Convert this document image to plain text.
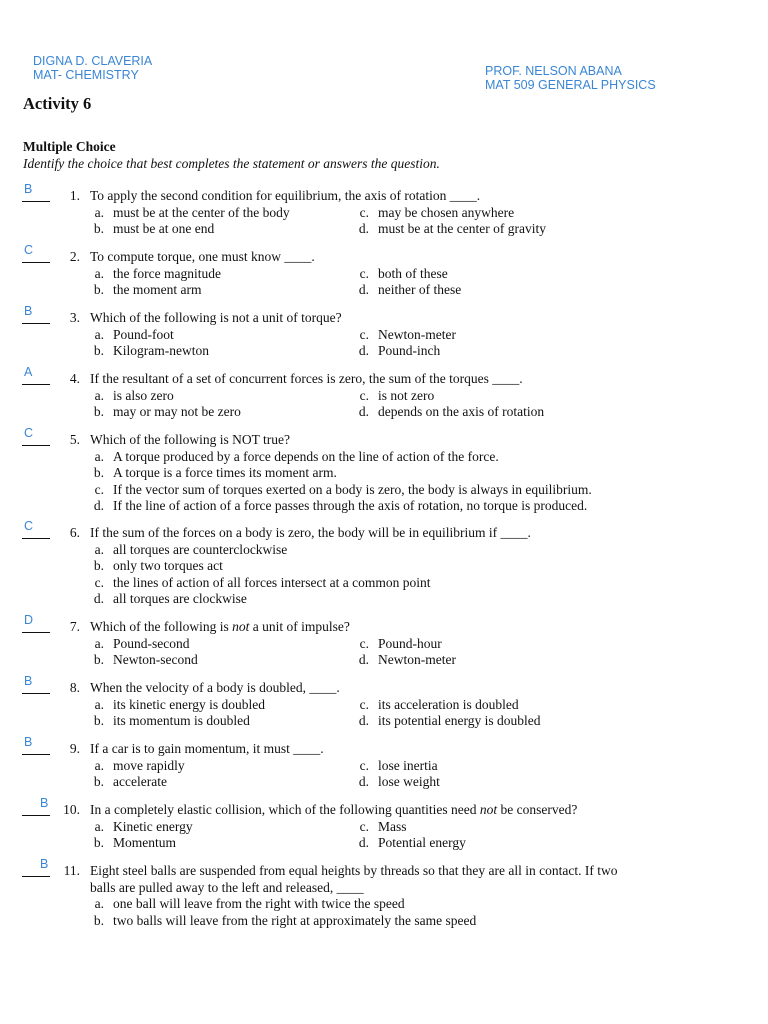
DIGNA D. CLAVERIA
MAT- CHEMISTRY	PROF. NELSON ABANA
MAT 509 GENERAL PHYSICS
Activity 6
Multiple Choice
Identify the choice that best completes the statement or answers the question.
B	1. To apply the second condition for equilibrium, the axis of rotation ____.
a. must be at the center of the body	c. may be chosen anywhere
b. must be at one end	d. must be at the center of gravity
C	2. To compute torque, one must know ____.
a. the force magnitude	c. both of these
b. the moment arm	d. neither of these
B	3. Which of the following is not a unit of torque?
a. Pound-foot	c. Newton-meter
b. Kilogram-newton	d. Pound-inch
A	4. If the resultant of a set of concurrent forces is zero, the sum of the torques ____.
a. is also zero	c. is not zero
b. may or may not be zero	d. depends on the axis of rotation
C	5. Which of the following is NOT true?
a. A torque produced by a force depends on the line of action of the force.
b. A torque is a force times its moment arm.
c. If the vector sum of torques exerted on a body is zero, the body is always in equilibrium.
d. If the line of action of a force passes through the axis of rotation, no torque is produced.
C	6. If the sum of the forces on a body is zero, the body will be in equilibrium if ____.
a. all torques are counterclockwise
b. only two torques act
c. the lines of action of all forces intersect at a common point
d. all torques are clockwise
D	7. Which of the following is not a unit of impulse?
a. Pound-second	c. Pound-hour
b. Newton-second	d. Newton-meter
B	8. When the velocity of a body is doubled, ____.
a. its kinetic energy is doubled	c. its acceleration is doubled
b. its momentum is doubled	d. its potential energy is doubled
B	9. If a car is to gain momentum, it must ____.
a. move rapidly	c. lose inertia
b. accelerate	d. lose weight
B	10. In a completely elastic collision, which of the following quantities need not be conserved?
a. Kinetic energy	c. Mass
b. Momentum	d. Potential energy
B	11. Eight steel balls are suspended from equal heights by threads so that they are all in contact. If two
balls are pulled away to the left and released, ____
a. one ball will leave from the right with twice the speed
b. two balls will leave from the right at approximately the same speed
